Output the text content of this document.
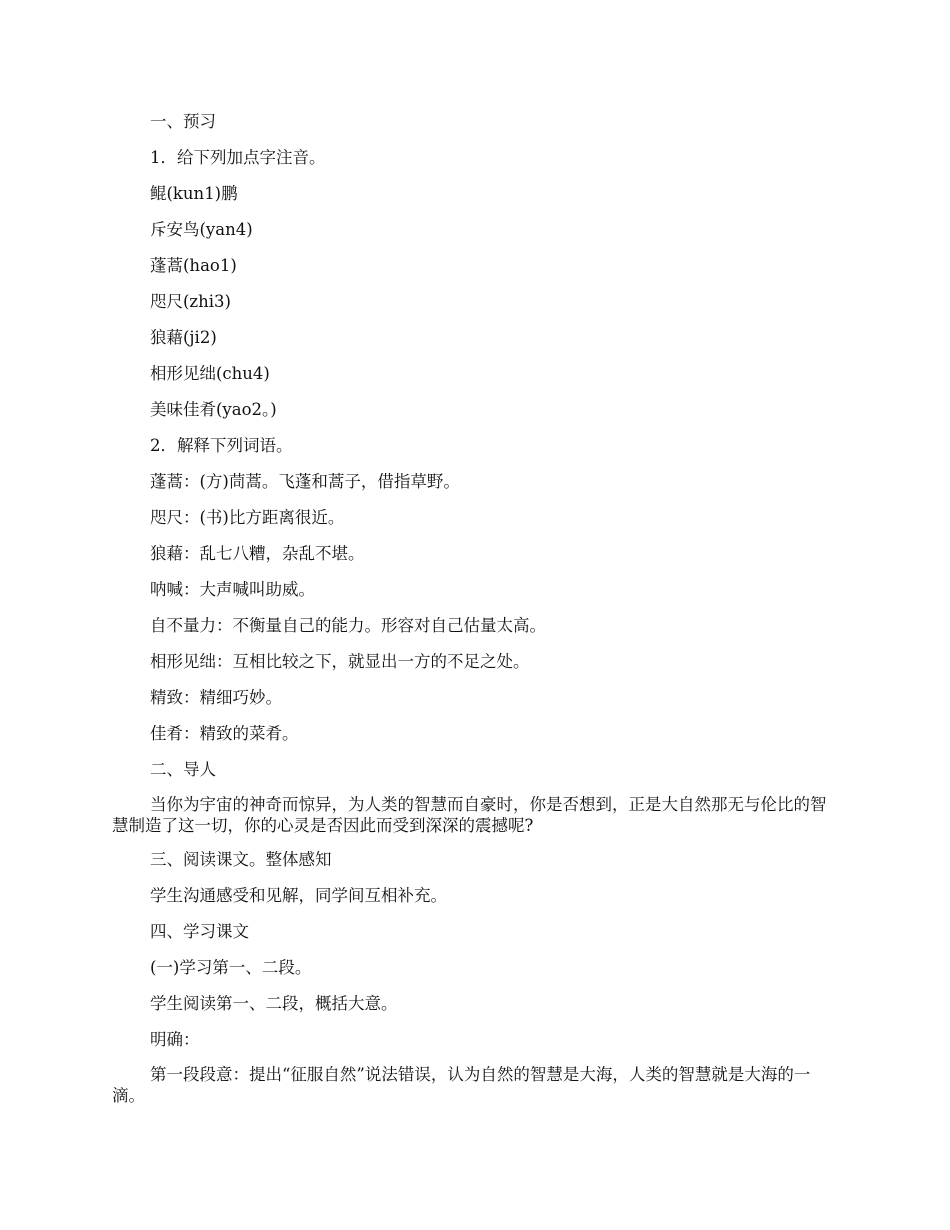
一、预习

1．给下列加点字注音。

鲲(kun1)鹏

斥安鸟(yan4)

蓬蒿(hao1)

咫尺(zhi3)

狼藉(ji2)

相形见绌(chu4)

美味佳肴(yao2。)

2．解释下列词语。

蓬蒿：(方)茼蒿。飞蓬和蒿子，借指草野。

咫尺：(书)比方距离很近。

狼藉：乱七八糟，杂乱不堪。

呐喊：大声喊叫助威。

自不量力：不衡量自己的能力。形容对自己估量太高。

相形见绌：互相比较之下，就显出一方的不足之处。

精致：精细巧妙。

佳肴：精致的菜肴。

二、导人

当你为宇宙的神奇而惊异，为人类的智慧而自豪时，你是否想到，正是大自然那无与伦比的智慧制造了这一切，你的心灵是否因此而受到深深的震撼呢?

三、阅读课文。整体感知

学生沟通感受和见解，同学间互相补充。

四、学习课文

(一)学习第一、二段。

学生阅读第一、二段，概括大意。

明确：

第一段段意：提出“征服自然”说法错误，认为自然的智慧是大海，人类的智慧就是大海的一滴。
